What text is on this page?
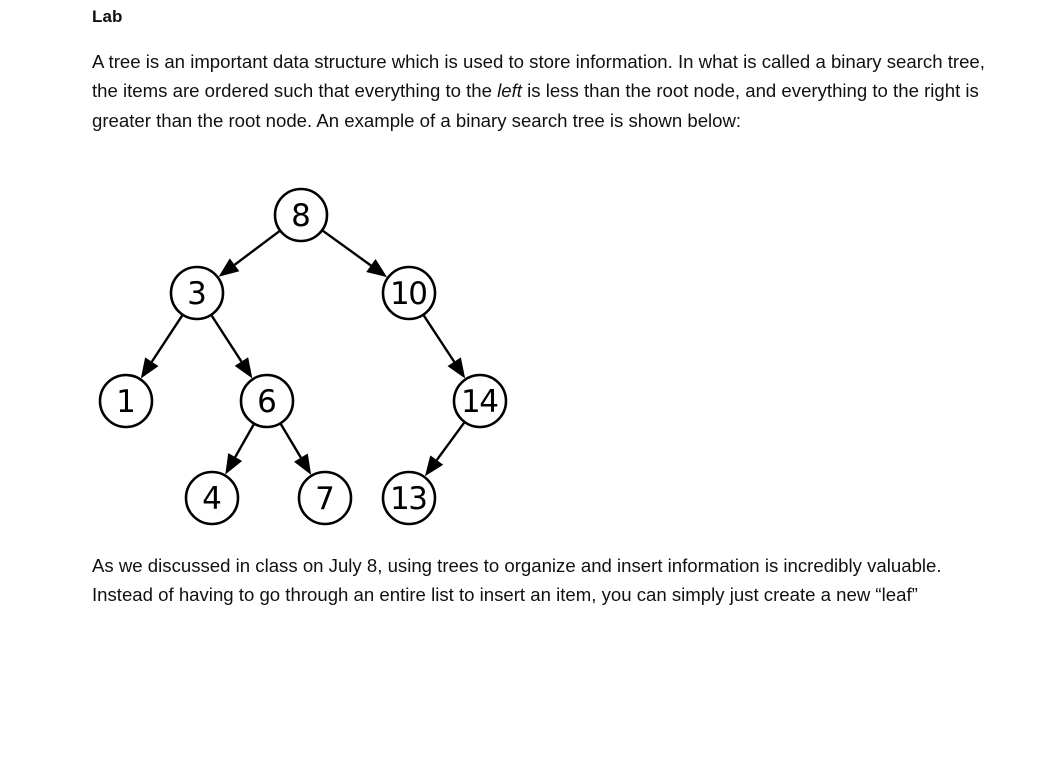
Lab

A tree is an important data structure which is used to store information. In what is called a binary search tree, the items are ordered such that everything to the left is less than the root node, and everything to the right is greater than the root node. An example of a binary search tree is shown below:

8
3	10
1	6	14
4	7 13

As we discussed in class on July 8, using trees to organize and insert information is incredibly valuable.
Instead of having to go through an entire list to insert an item, you can simply just create a new “leaf”
